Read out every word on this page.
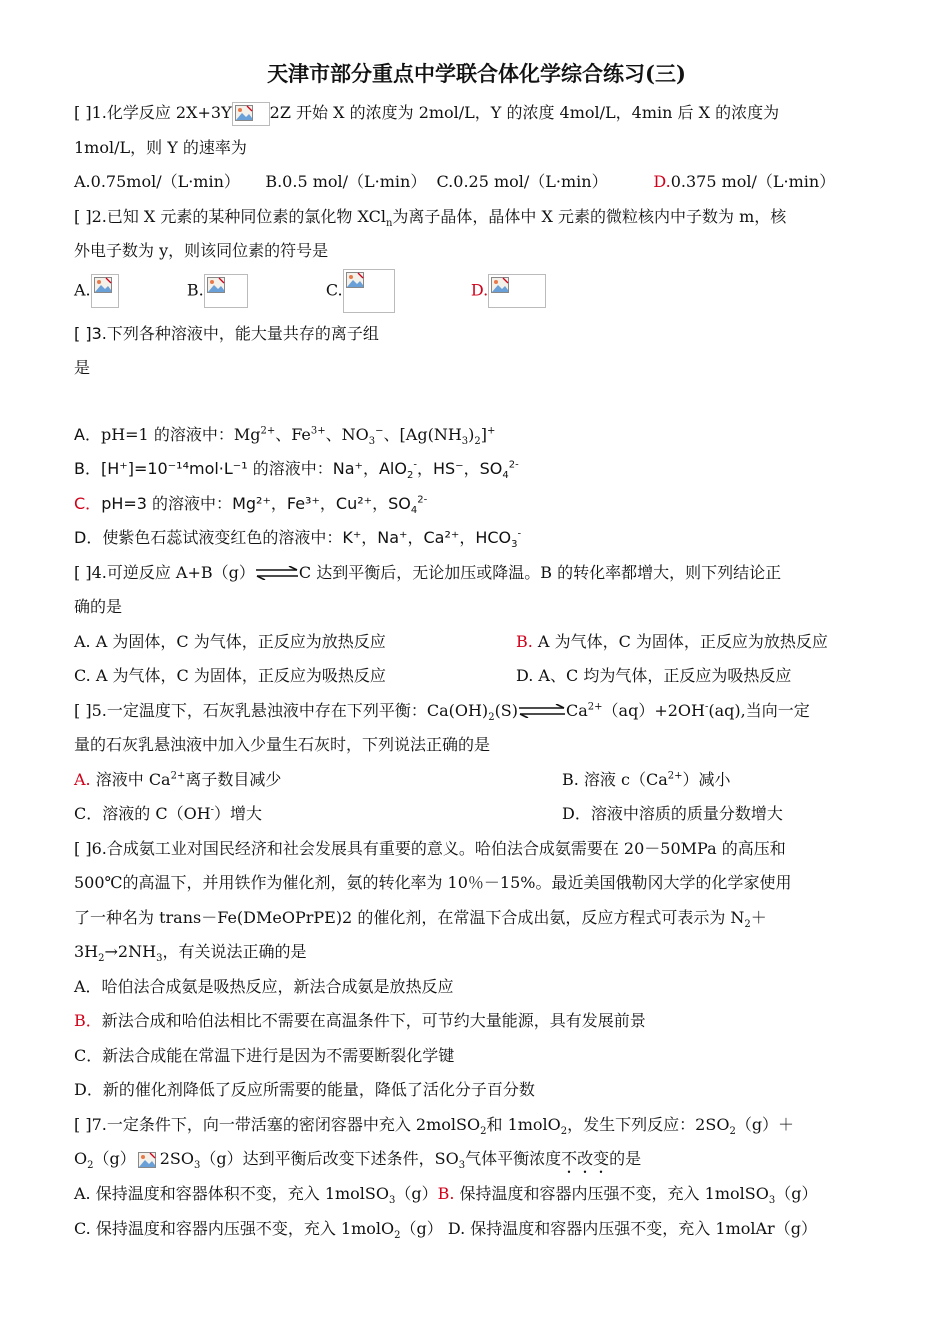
天津市部分重点中学联合体化学综合练习(三)
[ ]1.化学反应 2X+3Y 2Z 开始 X 的浓度为 2mol/L，Y 的浓度 4mol/L，4min 后 X 的浓度为
1mol/L，则 Y 的速率为
A.0.75mol/（L·min） B.0.5 mol/（L·min） C.0.25 mol/（L·min）	D.0.375 mol/（L·min）
[ ]2.已知 X 元素的某种同位素的氯化物 XCl$_n$为离子晶体，晶体中 X 元素的微粒核内中子数为 m，核
外电子数为 y，则该同位素的符号是
A.	B.	C.	D.
[ ]3.下列各种溶液中，能大量共存的离子组
是
A．pH=1 的溶液中：$Mg^{2+}$、$Fe^{3+}$、$NO_3^-$、$[Ag(NH_3)_2]^+$
B．[H⁺]=10⁻¹⁴mol·L⁻¹ 的溶液中：Na⁺，AlO$_2$-，HS⁻，$SO_4^{2-}$
C．pH=3 的溶液中：Mg²⁺，Fe³⁺，Cu²⁺，$SO_4^{2-}$
D．使紫色石蕊试液变红色的溶液中：K⁺，Na⁺，Ca²⁺，$HCO_3^-$
[ ]4.可逆反应 A+B（g）⇌C 达到平衡后，无论加压或降温。B 的转化率都增大，则下列结论正
确的是
A. A 为固体，C 为气体，正反应为放热反应	B. A 为气体，C 为固体，正反应为放热反应
C. A 为气体，C 为固体，正反应为吸热反应	D. A、C 均为气体，正反应为吸热反应
[ ]5.一定温度下，石灰乳悬浊液中存在下列平衡：$Ca(OH)_2(S)\rightleftharpoons Ca^{2+}(aq)+2OH^-(aq)$,当向一定
量的石灰乳悬浊液中加入少量生石灰时，下列说法正确的是
A. 溶液中 $Ca^{2+}$离子数目减少	B. 溶液 $c(Ca^{2+})$减小
C．溶液的 C（OH-）增大	D．溶液中溶质的质量分数增大
[ ]6.合成氨工业对国民经济和社会发展具有重要的意义。哈伯法合成氨需要在 20－50MPa 的高压和
500℃的高温下，并用铁作为催化剂，氨的转化率为 10％－15%。最近美国俄勒冈大学的化学家使用
了一种名为 trans－Fe(DMeOPrPE)2 的催化剂，在常温下合成出氨，反应方程式可表示为 $N_2+$
$3H_2\to 2NH_3$，有关说法正确的是
A．哈伯法合成氨是吸热反应，新法合成氨是放热反应
B．新法合成和哈伯法相比不需要在高温条件下，可节约大量能源，具有发展前景
C．新法合成能在常温下进行是因为不需要断裂化学键
D．新的催化剂降低了反应所需要的能量，降低了活化分子百分数
[ ]7.一定条件下，向一带活塞的密闭容器中充入 2molSO$_2$和 1molO$_2$，发生下列反应：$2SO_2(g)+$
$O_2(g)$ $2SO_3(g)$达到平衡后改变下述条件，$SO_3$气体平衡浓度不改变的是
A. 保持温度和容器体积不变，充入 1molSO$_3$（g）B. 保持温度和容器内压强不变，充入 1molSO$_3$（g）
C. 保持温度和容器内压强不变，充入 1molO$_2$（g） D. 保持温度和容器内压强不变，充入 1molAr（g）
